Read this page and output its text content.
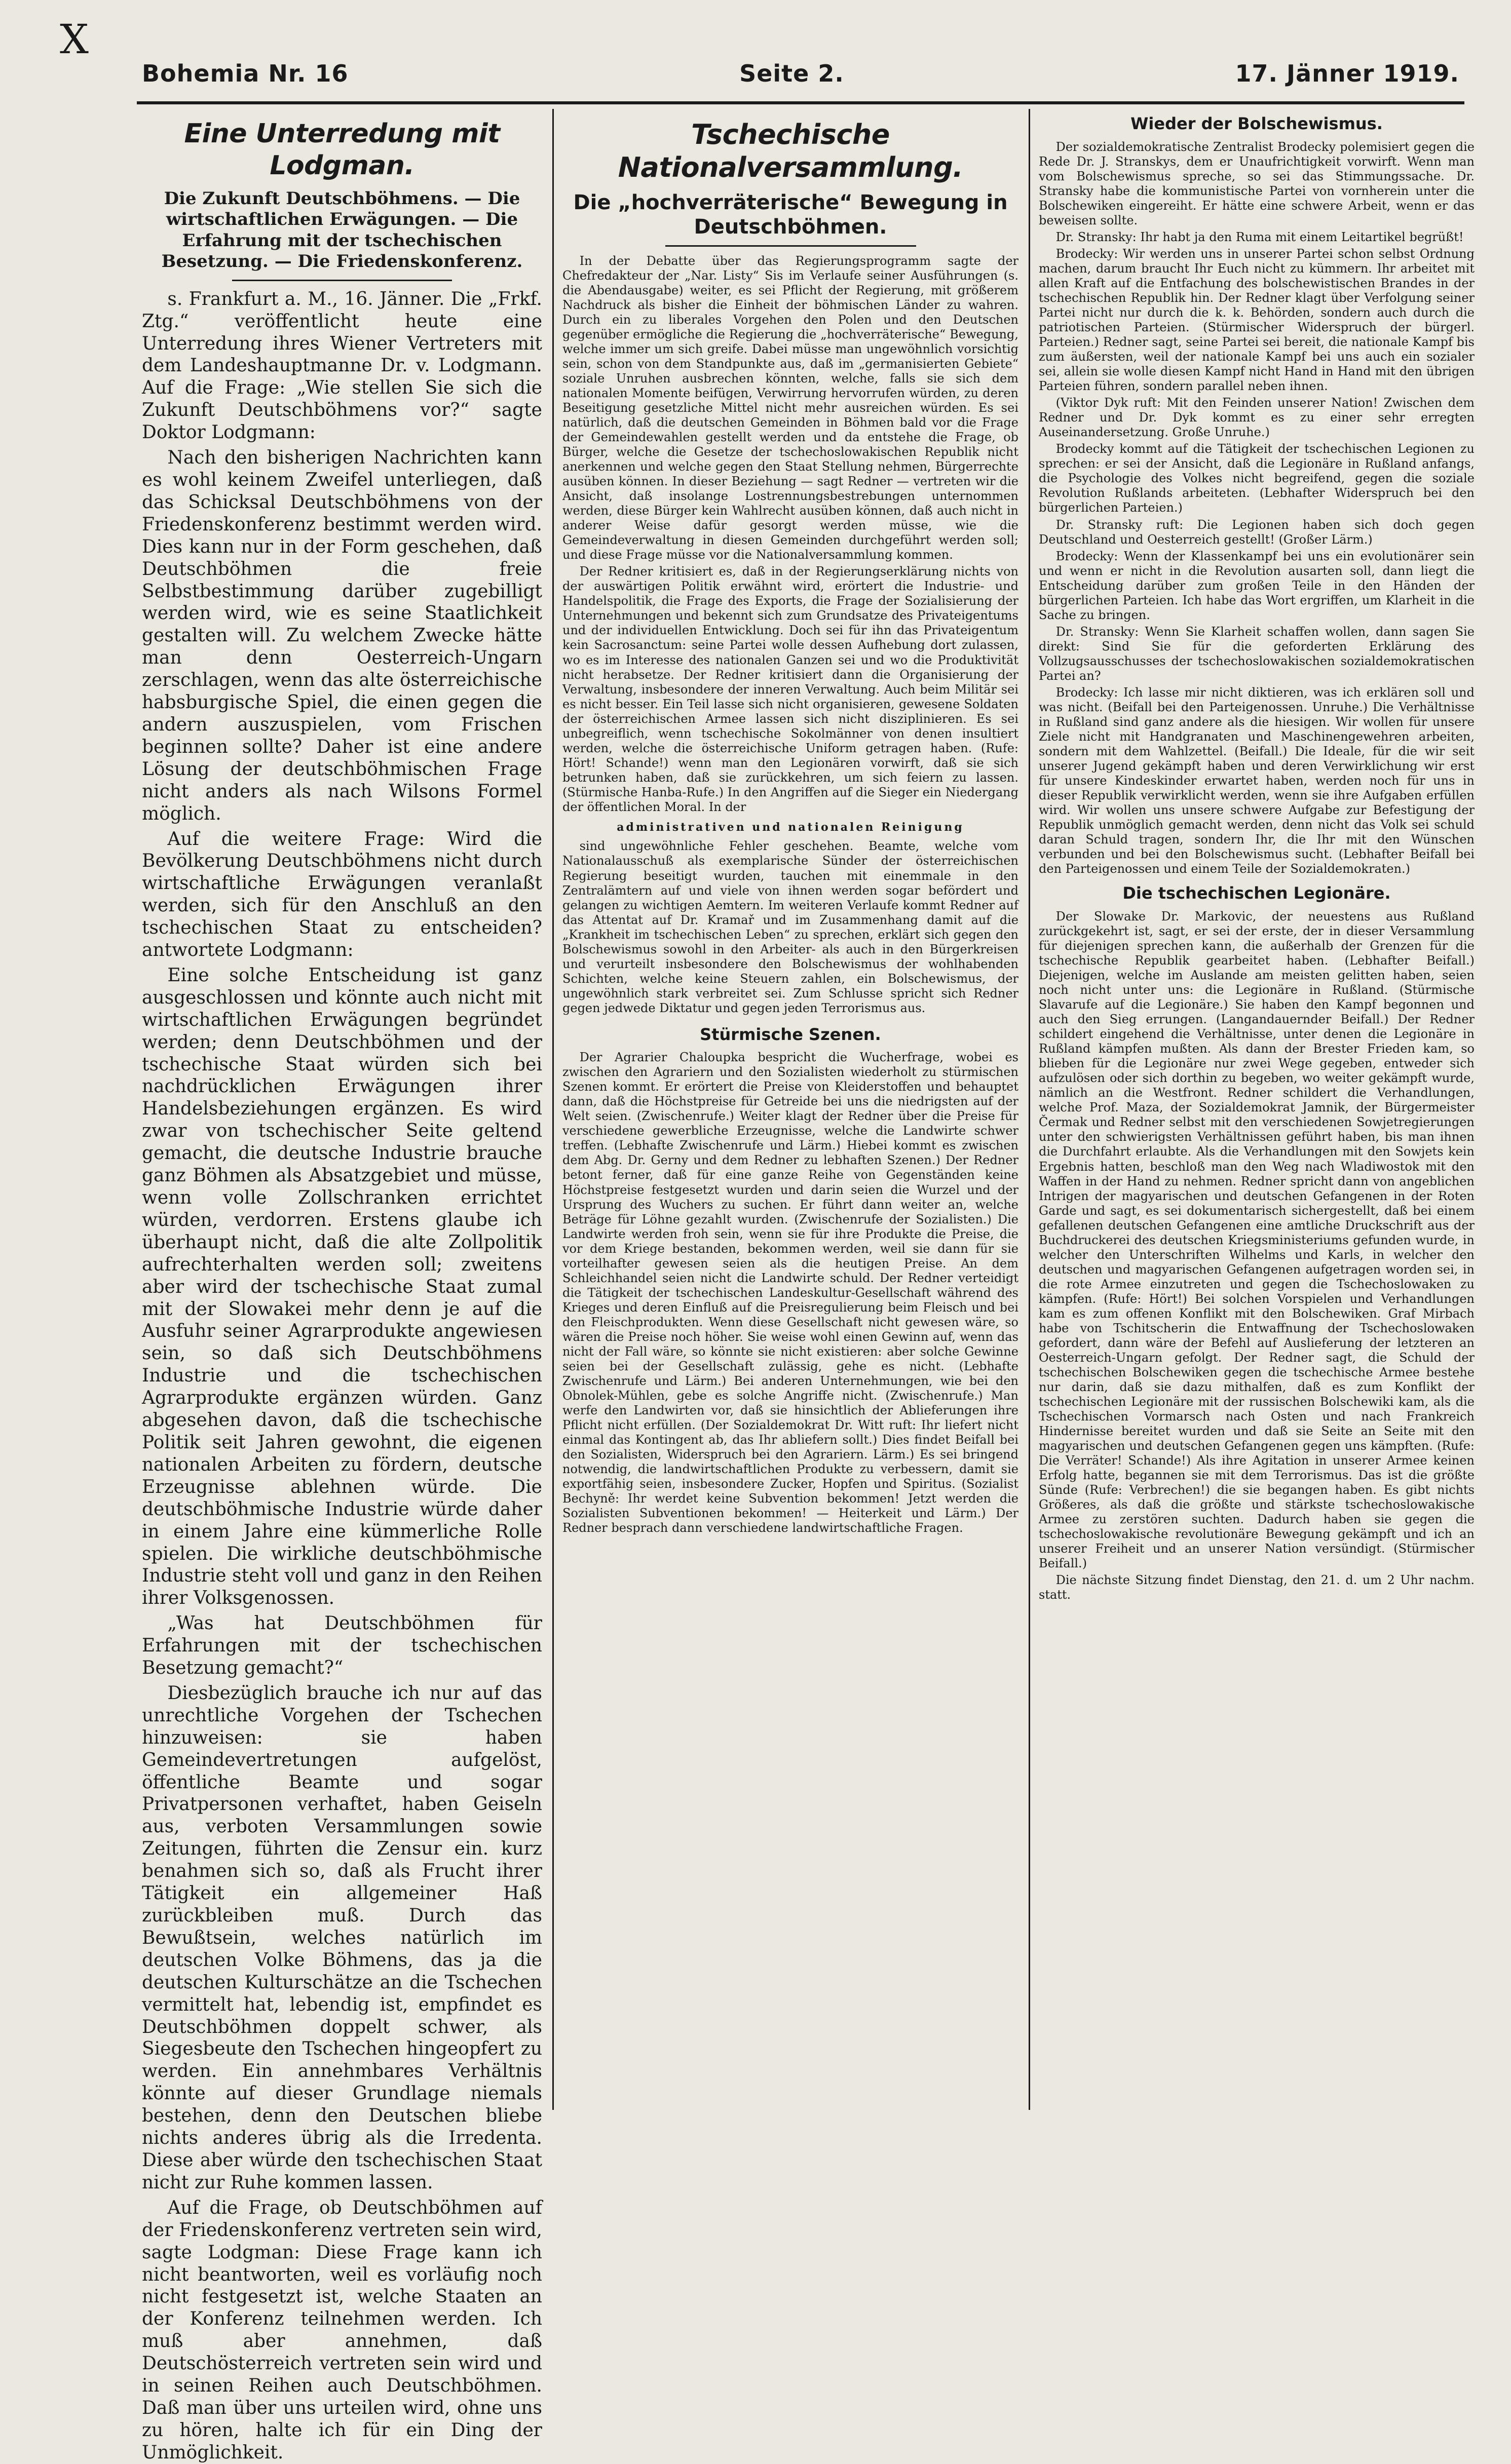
X
Bohemia Nr. 16	Seite 2.	17. Jänner 1919.
Eine Unterredung mit Lodgman.
Die Zukunft Deutschböhmens. — Die wirtschaftlichen Erwägungen. — Die Erfahrung mit der tschechischen Besetzung. — Die Friedenskonferenz.

s. Frankfurt a. M., 16. Jänner. Die „Frkf. Ztg.“ veröffentlicht heute eine Unterredung ihres Wiener Vertreters mit dem Landeshauptmanne Dr. v. Lodgmann. Auf die Frage: „Wie stellen Sie sich die Zukunft Deutschböhmens vor?“ sagte Doktor Lodgmann:

Nach den bisherigen Nachrichten kann es wohl keinem Zweifel unterliegen, daß das Schicksal Deutschböhmens von der Friedenskonferenz bestimmt werden wird. Dies kann nur in der Form geschehen, daß Deutschböhmen die freie Selbstbestimmung darüber zugebilligt werden wird, wie es seine Staatlichkeit gestalten will. Zu welchem Zwecke hätte man denn Oesterreich-Ungarn zerschlagen, wenn das alte österreichische habsburgische Spiel, die einen gegen die andern auszuspielen, vom Frischen beginnen sollte? Daher ist eine andere Lösung der deutschböhmischen Frage nicht anders als nach Wilsons Formel möglich.

Auf die weitere Frage: Wird die Bevölkerung Deutschböhmens nicht durch wirtschaftliche Erwägungen veranlaßt werden, sich für den Anschluß an den tschechischen Staat zu entscheiden? antwortete Lodgmann:

Eine solche Entscheidung ist ganz ausgeschlossen und könnte auch nicht mit wirtschaftlichen Erwägungen begründet werden; denn Deutschböhmen und der tschechische Staat würden sich bei nachdrücklichen Erwägungen ihrer Handelsbeziehungen ergänzen. Es wird zwar von tschechischer Seite geltend gemacht, die deutsche Industrie brauche ganz Böhmen als Absatzgebiet und müsse, wenn volle Zollschranken errichtet würden, verdorren. Erstens glaube ich überhaupt nicht, daß die alte Zollpolitik aufrechterhalten werden soll; zweitens aber wird der tschechische Staat zumal mit der Slowakei mehr denn je auf die Ausfuhr seiner Agrarprodukte angewiesen sein, so daß sich Deutschböhmens Industrie und die tschechischen Agrarprodukte ergänzen würden. Ganz abgesehen davon, daß die tschechische Politik seit Jahren gewohnt, die eigenen nationalen Arbeiten zu fördern, deutsche Erzeugnisse ablehnen würde. Die deutschböhmische Industrie würde daher in einem Jahre eine kümmerliche Rolle spielen. Die wirkliche deutschböhmische Industrie steht voll und ganz in den Reihen ihrer Volksgenossen.

„Was hat Deutschböhmen für Erfahrungen mit der tschechischen Besetzung gemacht?“

Diesbezüglich brauche ich nur auf das unrechtliche Vorgehen der Tschechen hinzuweisen: sie haben Gemeindevertretungen aufgelöst, öffentliche Beamte und sogar Privatpersonen verhaftet, haben Geiseln aus, verboten Versammlungen sowie Zeitungen, führten die Zensur ein. kurz benahmen sich so, daß als Frucht ihrer Tätigkeit ein allgemeiner Haß zurückbleiben muß. Durch das Bewußtsein, welches natürlich im deutschen Volke Böhmens, das ja die deutschen Kulturschätze an die Tschechen vermittelt hat, lebendig ist, empfindet es Deutschböhmen doppelt schwer, als Siegesbeute den Tschechen hingeopfert zu werden. Ein annehmbares Verhältnis könnte auf dieser Grundlage niemals bestehen, denn den Deutschen bliebe nichts anderes übrig als die Irredenta. Diese aber würde den tschechischen Staat nicht zur Ruhe kommen lassen.

Auf die Frage, ob Deutschböhmen auf der Friedenskonferenz vertreten sein wird, sagte Lodgman: Diese Frage kann ich nicht beantworten, weil es vorläufig noch nicht festgesetzt ist, welche Staaten an der Konferenz teilnehmen werden. Ich muß aber annehmen, daß Deutschösterreich vertreten sein wird und in seinen Reihen auch Deutschböhmen. Daß man über uns urteilen wird, ohne uns zu hören, halte ich für ein Ding der Unmöglichkeit.

Tschechische Nationalversammlung.
Die „hochverräterische“ Bewegung in Deutschböhmen.

In der Debatte über das Regierungsprogramm sagte der Chefredakteur der „Nar. Listy“ Sis im Verlaufe seiner Ausführungen (s. die Abendausgabe) weiter, es sei Pflicht der Regierung, mit größerem Nachdruck als bisher die Einheit der böhmischen Länder zu wahren. Durch ein zu liberales Vorgehen den Polen und den Deutschen gegenüber ermögliche die Regierung die „hochverräterische“ Bewegung, welche immer um sich greife. Dabei müsse man ungewöhnlich vorsichtig sein, schon von dem Standpunkte aus, daß im „germanisierten Gebiete“ soziale Unruhen ausbrechen könnten, welche, falls sie sich dem nationalen Momente beifügen, Verwirrung hervorrufen würden, zu deren Beseitigung gesetzliche Mittel nicht mehr ausreichen würden. Es sei natürlich, daß die deutschen Gemeinden in Böhmen bald vor die Frage der Gemeindewahlen gestellt werden und da entstehe die Frage, ob Bürger, welche die Gesetze der tschechoslowakischen Republik nicht anerkennen und welche gegen den Staat Stellung nehmen, Bürgerrechte ausüben können. In dieser Beziehung — sagt Redner — vertreten wir die Ansicht, daß insolange Lostrennungsbestrebungen unternommen werden, diese Bürger kein Wahlrecht ausüben können, daß auch nicht in anderer Weise dafür gesorgt werden müsse, wie die Gemeindeverwaltung in diesen Gemeinden durchgeführt werden soll; und diese Frage müsse vor die Nationalversammlung kommen.

Der Redner kritisiert es, daß in der Regierungserklärung nichts von der auswärtigen Politik erwähnt wird, erörtert die Industrie- und Handelspolitik, die Frage des Exports, die Frage der Sozialisierung der Unternehmungen und bekennt sich zum Grundsatze des Privateigentums und der individuellen Entwicklung. Doch sei für ihn das Privateigentum kein Sacrosanctum: seine Partei wolle dessen Aufhebung dort zulassen, wo es im Interesse des nationalen Ganzen sei und wo die Produktivität nicht herabsetze. Der Redner kritisiert dann die Organisierung der Verwaltung, insbesondere der inneren Verwaltung. Auch beim Militär sei es nicht besser. Ein Teil lasse sich nicht organisieren, gewesene Soldaten der österreichischen Armee lassen sich nicht disziplinieren. Es sei unbegreiflich, wenn tschechische Sokolmänner von denen insultiert werden, welche die österreichische Uniform getragen haben. (Rufe: Hört! Schande!) wenn man den Legionären vorwirft, daß sie sich betrunken haben, daß sie zurückkehren, um sich feiern zu lassen. (Stürmische Hanba-Rufe.) In den Angriffen auf die Sieger ein Niedergang der öffentlichen Moral. In der

administrativen und nationalen Reinigung

sind ungewöhnliche Fehler geschehen. Beamte, welche vom Nationalausschuß als exemplarische Sünder der österreichischen Regierung beseitigt wurden, tauchen mit einemmale in den Zentralämtern auf und viele von ihnen werden sogar befördert und gelangen zu wichtigen Aemtern. Im weiteren Verlaufe kommt Redner auf das Attentat auf Dr. Kramař und im Zusammenhang damit auf die „Krankheit im tschechischen Leben“ zu sprechen, erklärt sich gegen den Bolschewismus sowohl in den Arbeiter- als auch in den Bürgerkreisen und verurteilt insbesondere den Bolschewismus der wohlhabenden Schichten, welche keine Steuern zahlen, ein Bolschewismus, der ungewöhnlich stark verbreitet sei. Zum Schlusse spricht sich Redner gegen jedwede Diktatur und gegen jeden Terrorismus aus.

Stürmische Szenen.

Der Agrarier Chaloupka bespricht die Wucherfrage, wobei es zwischen den Agrariern und den Sozialisten wiederholt zu stürmischen Szenen kommt. Er erörtert die Preise von Kleiderstoffen und behauptet dann, daß die Höchstpreise für Getreide bei uns die niedrigsten auf der Welt seien. (Zwischenrufe.) Weiter klagt der Redner über die Preise für verschiedene gewerbliche Erzeugnisse, welche die Landwirte schwer treffen. (Lebhafte Zwischenrufe und Lärm.) Hiebei kommt es zwischen dem Abg. Dr. Gerny und dem Redner zu lebhaften Szenen.) Der Redner betont ferner, daß für eine ganze Reihe von Gegenständen keine Höchstpreise festgesetzt wurden und darin seien die Wurzel und der Ursprung des Wuchers zu suchen. Er führt dann weiter an, welche Beträge für Löhne gezahlt wurden. (Zwischenrufe der Sozialisten.) Die Landwirte werden froh sein, wenn sie für ihre Produkte die Preise, die vor dem Kriege bestanden, bekommen werden, weil sie dann für sie vorteilhafter gewesen seien als die heutigen Preise. An dem Schleichhandel seien nicht die Landwirte schuld. Der Redner verteidigt die Tätigkeit der tschechischen Landeskultur-Gesellschaft während des Krieges und deren Einfluß auf die Preisregulierung beim Fleisch und bei den Fleischprodukten. Wenn diese Gesellschaft nicht gewesen wäre, so wären die Preise noch höher. Sie weise wohl einen Gewinn auf, wenn das nicht der Fall wäre, so könnte sie nicht existieren: aber solche Gewinne seien bei der Gesellschaft zulässig, gehe es nicht. (Lebhafte Zwischenrufe und Lärm.) Bei anderen Unternehmungen, wie bei den Obnolek-Mühlen, gebe es solche Angriffe nicht. (Zwischenrufe.) Man werfe den Landwirten vor, daß sie hinsichtlich der Ablieferungen ihre Pflicht nicht erfüllen. (Der Sozialdemokrat Dr. Witt ruft: Ihr liefert nicht einmal das Kontingent ab, das Ihr abliefern sollt.) Dies findet Beifall bei den Sozialisten, Widerspruch bei den Agrariern. Lärm.) Es sei bringend notwendig, die landwirtschaftlichen Produkte zu verbessern, damit sie exportfähig seien, insbesondere Zucker, Hopfen und Spiritus. (Sozialist Bechyně: Ihr werdet keine Subvention bekommen! Jetzt werden die Sozialisten Subventionen bekommen! — Heiterkeit und Lärm.) Der Redner besprach dann verschiedene landwirtschaftliche Fragen.

Wieder der Bolschewismus.

Der sozialdemokratische Zentralist Brodecky polemisiert gegen die Rede Dr. J. Stranskys, dem er Unaufrichtigkeit vorwirft. Wenn man vom Bolschewismus spreche, so sei das Stimmungssache. Dr. Stransky habe die kommunistische Partei von vornherein unter die Bolschewiken eingereiht. Er hätte eine schwere Arbeit, wenn er das beweisen sollte.

Dr. Stransky: Ihr habt ja den Ruma mit einem Leitartikel begrüßt!

Brodecky: Wir werden uns in unserer Partei schon selbst Ordnung machen, darum braucht Ihr Euch nicht zu kümmern. Ihr arbeitet mit allen Kraft auf die Entfachung des bolschewistischen Brandes in der tschechischen Republik hin. Der Redner klagt über Verfolgung seiner Partei nicht nur durch die k. k. Behörden, sondern auch durch die patriotischen Parteien. (Stürmischer Widerspruch der bürgerl. Parteien.) Redner sagt, seine Partei sei bereit, die nationale Kampf bis zum äußersten, weil der nationale Kampf bei uns auch ein sozialer sei, allein sie wolle diesen Kampf nicht Hand in Hand mit den übrigen Parteien führen, sondern parallel neben ihnen.

(Viktor Dyk ruft: Mit den Feinden unserer Nation! Zwischen dem Redner und Dr. Dyk kommt es zu einer sehr erregten Auseinandersetzung. Große Unruhe.)

Brodecky kommt auf die Tätigkeit der tschechischen Legionen zu sprechen: er sei der Ansicht, daß die Legionäre in Rußland anfangs, die Psychologie des Volkes nicht begreifend, gegen die soziale Revolution Rußlands arbeiteten. (Lebhafter Widerspruch bei den bürgerlichen Parteien.)

Dr. Stransky ruft: Die Legionen haben sich doch gegen Deutschland und Oesterreich gestellt! (Großer Lärm.)

Brodecky: Wenn der Klassenkampf bei uns ein evolutionärer sein und wenn er nicht in die Revolution ausarten soll, dann liegt die Entscheidung darüber zum großen Teile in den Händen der bürgerlichen Parteien. Ich habe das Wort ergriffen, um Klarheit in die Sache zu bringen.

Dr. Stransky: Wenn Sie Klarheit schaffen wollen, dann sagen Sie direkt: Sind Sie für die geforderten Erklärung des Vollzugsausschusses der tschechoslowakischen sozialdemokratischen Partei an?

Brodecky: Ich lasse mir nicht diktieren, was ich erklären soll und was nicht. (Beifall bei den Parteigenossen. Unruhe.) Die Verhältnisse in Rußland sind ganz andere als die hiesigen. Wir wollen für unsere Ziele nicht mit Handgranaten und Maschinengewehren arbeiten, sondern mit dem Wahlzettel. (Beifall.) Die Ideale, für die wir seit unserer Jugend gekämpft haben und deren Verwirklichung wir erst für unsere Kindeskinder erwartet haben, werden noch für uns in dieser Republik verwirklicht werden, wenn sie ihre Aufgaben erfüllen wird. Wir wollen uns unsere schwere Aufgabe zur Befestigung der Republik unmöglich gemacht werden, denn nicht das Volk sei schuld daran Schuld tragen, sondern Ihr, die Ihr mit den Wünschen verbunden und bei den Bolschewismus sucht. (Lebhafter Beifall bei den Parteigenossen und einem Teile der Sozialdemokraten.)

Die tschechischen Legionäre.

Der Slowake Dr. Markovic, der neuestens aus Rußland zurückgekehrt ist, sagt, er sei der erste, der in dieser Versammlung für diejenigen sprechen kann, die außerhalb der Grenzen für die tschechische Republik gearbeitet haben. (Lebhafter Beifall.) Diejenigen, welche im Auslande am meisten gelitten haben, seien noch nicht unter uns: die Legionäre in Rußland. (Stürmische Slavarufe auf die Legionäre.) Sie haben den Kampf begonnen und auch den Sieg errungen. (Langandauernder Beifall.) Der Redner schildert eingehend die Verhältnisse, unter denen die Legionäre in Rußland kämpfen mußten. Als dann der Brester Frieden kam, so blieben für die Legionäre nur zwei Wege gegeben, entweder sich aufzulösen oder sich dorthin zu begeben, wo weiter gekämpft wurde, nämlich an die Westfront. Redner schildert die Verhandlungen, welche Prof. Maza, der Sozialdemokrat Jamnik, der Bürgermeister Čermak und Redner selbst mit den verschiedenen Sowjetregierungen unter den schwierigsten Verhältnissen geführt haben, bis man ihnen die Durchfahrt erlaubte. Als die Verhandlungen mit den Sowjets kein Ergebnis hatten, beschloß man den Weg nach Wladiwostok mit den Waffen in der Hand zu nehmen. Redner spricht dann von angeblichen Intrigen der magyarischen und deutschen Gefangenen in der Roten Garde und sagt, es sei dokumentarisch sichergestellt, daß bei einem gefallenen deutschen Gefangenen eine amtliche Druckschrift aus der Buchdruckerei des deutschen Kriegsministeriums gefunden wurde, in welcher den Unterschriften Wilhelms und Karls, in welcher den deutschen und magyarischen Gefangenen aufgetragen worden sei, in die rote Armee einzutreten und gegen die Tschechoslowaken zu kämpfen. (Rufe: Hört!) Bei solchen Vorspielen und Verhandlungen kam es zum offenen Konflikt mit den Bolschewiken. Graf Mirbach habe von Tschitscherin die Entwaffnung der Tschechoslowaken gefordert, dann wäre der Befehl auf Auslieferung der letzteren an Oesterreich-Ungarn gefolgt. Der Redner sagt, die Schuld der tschechischen Bolschewiken gegen die tschechische Armee bestehe nur darin, daß sie dazu mithalfen, daß es zum Konflikt der tschechischen Legionäre mit der russischen Bolschewiki kam, als die Tschechischen Vormarsch nach Osten und nach Frankreich Hindernisse bereitet wurden und daß sie Seite an Seite mit den magyarischen und deutschen Gefangenen gegen uns kämpften. (Rufe: Die Verräter! Schande!) Als ihre Agitation in unserer Armee keinen Erfolg hatte, begannen sie mit dem Terrorismus. Das ist die größte Sünde (Rufe: Verbrechen!) die sie begangen haben. Es gibt nichts Größeres, als daß die größte und stärkste tschechoslowakische Armee zu zerstören suchten. Dadurch haben sie gegen die tschechoslowakische revolutionäre Bewegung gekämpft und ich an unserer Freiheit und an unserer Nation versündigt. (Stürmischer Beifall.)

Die nächste Sitzung findet Dienstag, den 21. d. um 2 Uhr nachm. statt.
